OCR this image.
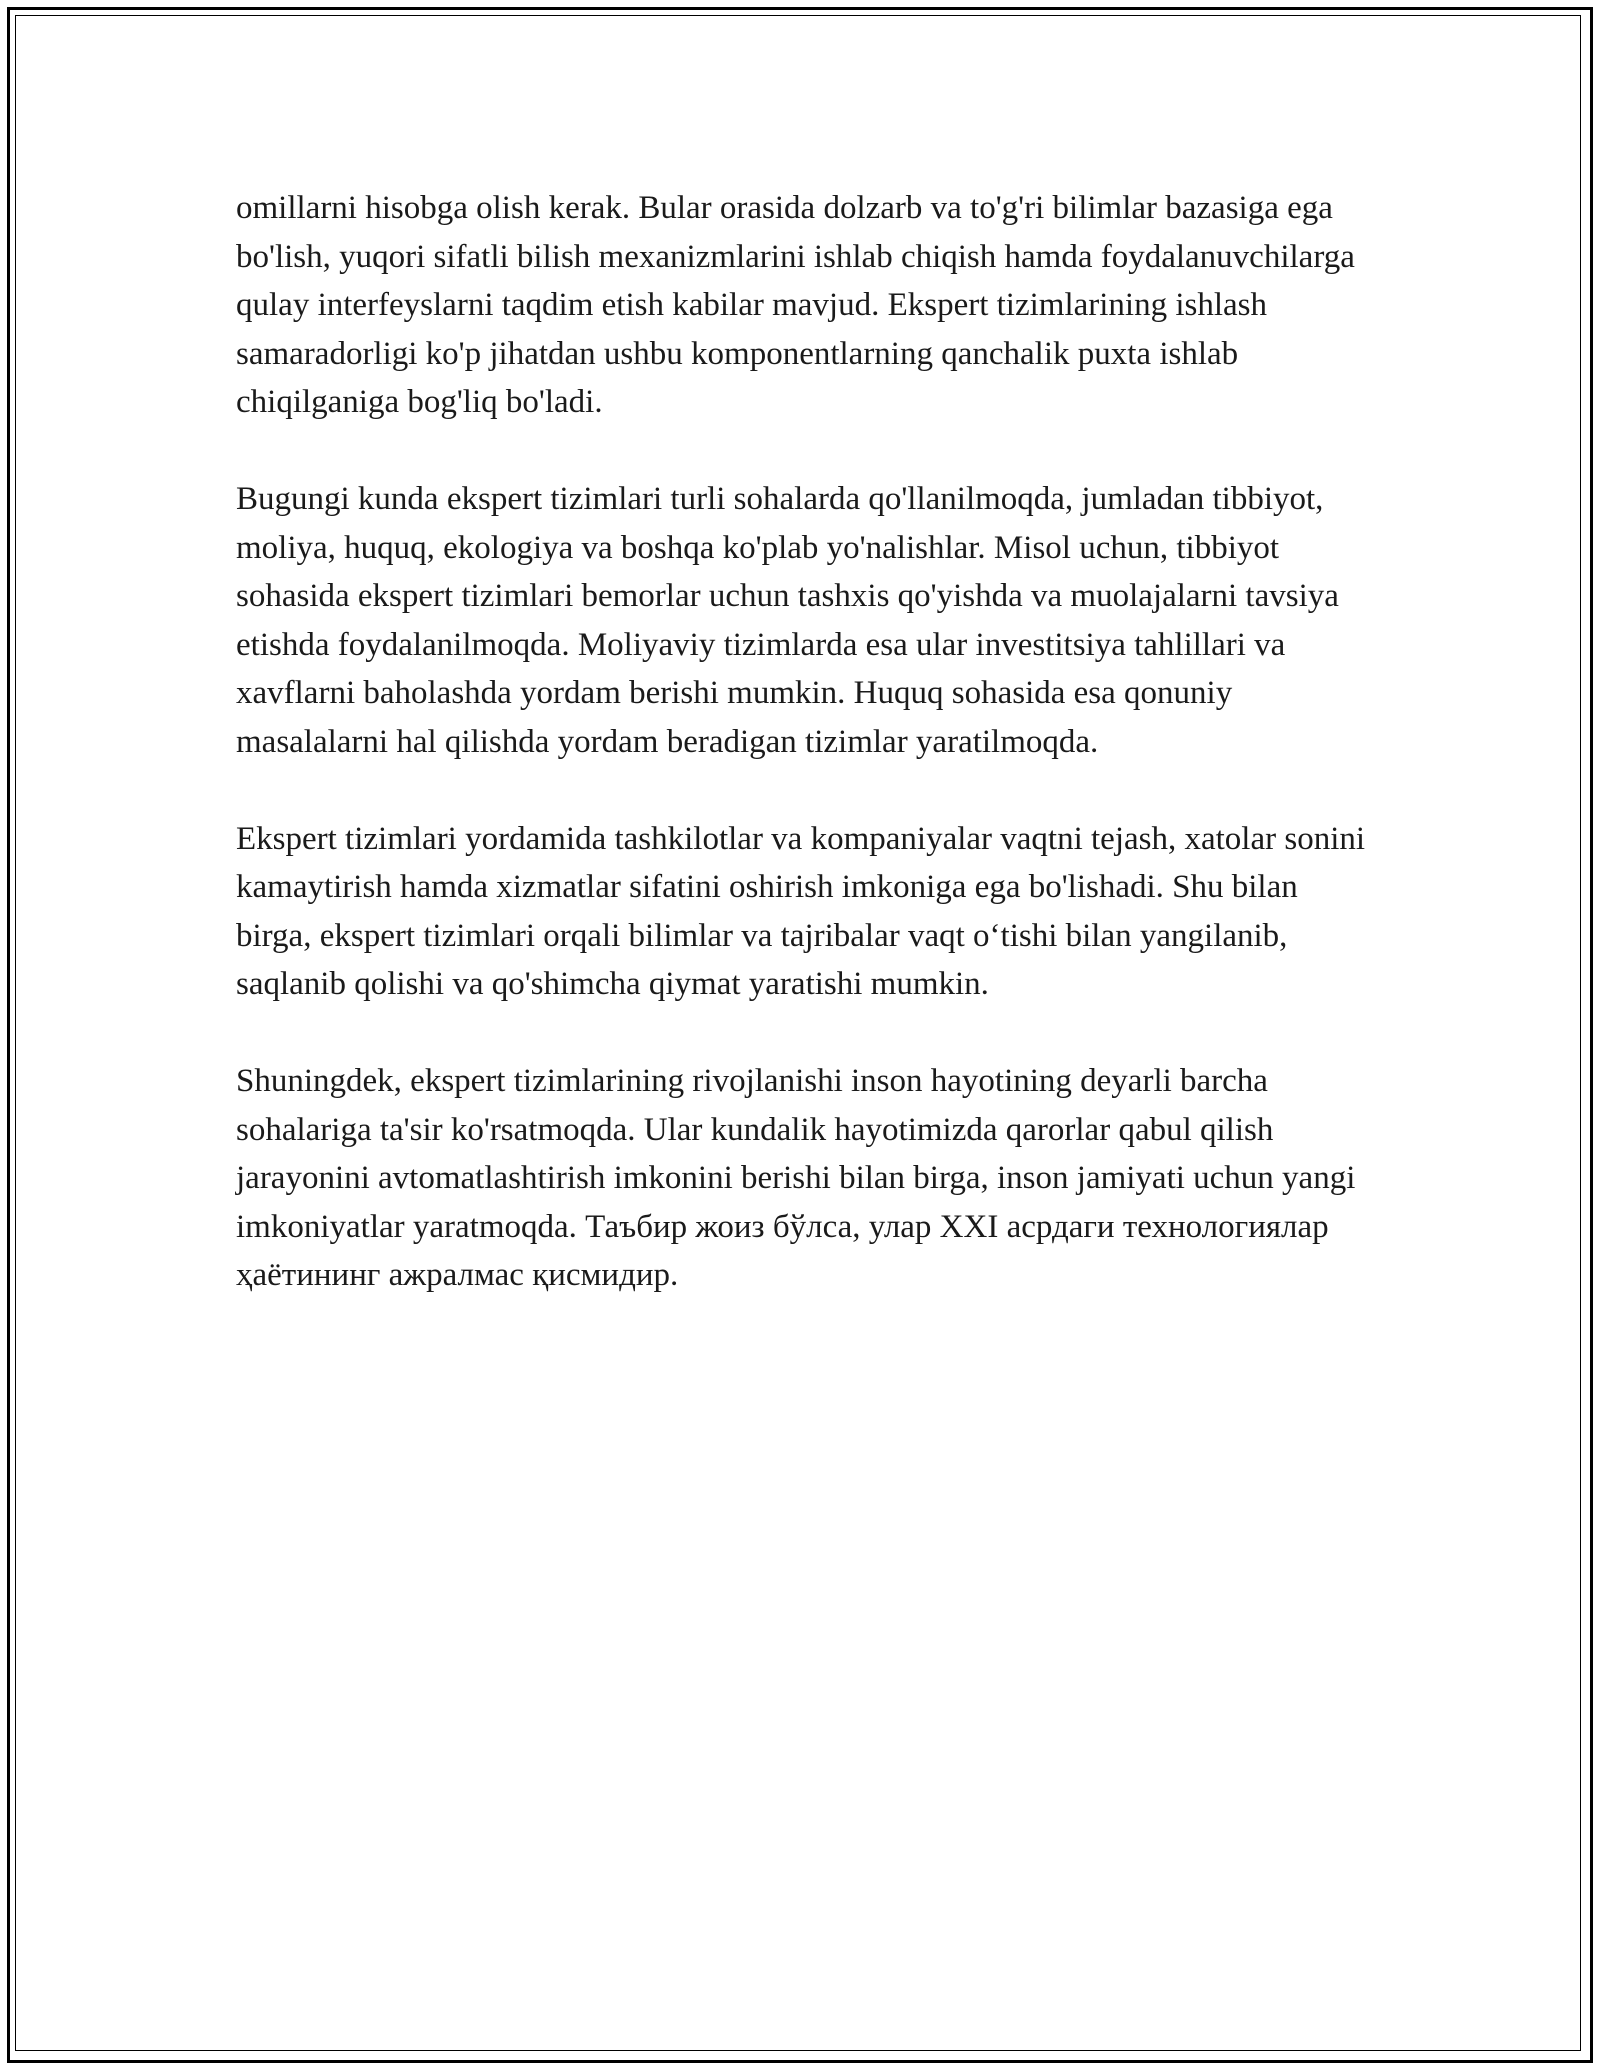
omillarni hisobga olish kerak. Bular orasida dolzarb va to'g'ri bilimlar bazasiga ega bo'lish, yuqori sifatli bilish mexanizmlarini ishlab chiqish hamda foydalanuvchilarga qulay interfeyslarni taqdim etish kabilar mavjud. Ekspert tizimlarining ishlash samaradorligi ko'p jihatdan ushbu komponentlarning qanchalik puxta ishlab chiqilganiga bog'liq bo'ladi.

Bugungi kunda ekspert tizimlari turli sohalarda qo'llanilmoqda, jumladan tibbiyot, moliya, huquq, ekologiya va boshqa ko'plab yo'nalishlar. Misol uchun, tibbiyot sohasida ekspert tizimlari bemorlar uchun tashxis qo'yishda va muolajalarni tavsiya etishda foydalanilmoqda. Moliyaviy tizimlarda esa ular investitsiya tahlillari va xavflarni baholashda yordam berishi mumkin. Huquq sohasida esa qonuniy masalalarni hal qilishda yordam beradigan tizimlar yaratilmoqda.

Ekspert tizimlari yordamida tashkilotlar va kompaniyalar vaqtni tejash, xatolar sonini kamaytirish hamda xizmatlar sifatini oshirish imkoniga ega bo'lishadi. Shu bilan birga, ekspert tizimlari orqali bilimlar va tajribalar vaqt o‘tishi bilan yangilanib, saqlanib qolishi va qo'shimcha qiymat yaratishi mumkin.

Shuningdek, ekspert tizimlarining rivojlanishi inson hayotining deyarli barcha sohalariga ta'sir ko'rsatmoqda. Ular kundalik hayotimizda qarorlar qabul qilish jarayonini avtomatlashtirish imkonini berishi bilan birga, inson jamiyati uchun yangi imkoniyatlar yaratmoqda. Таъбир жоиз бўлса, улар XXI асрдаги технологиялар ҳаётининг ажралмас қисмидир.
